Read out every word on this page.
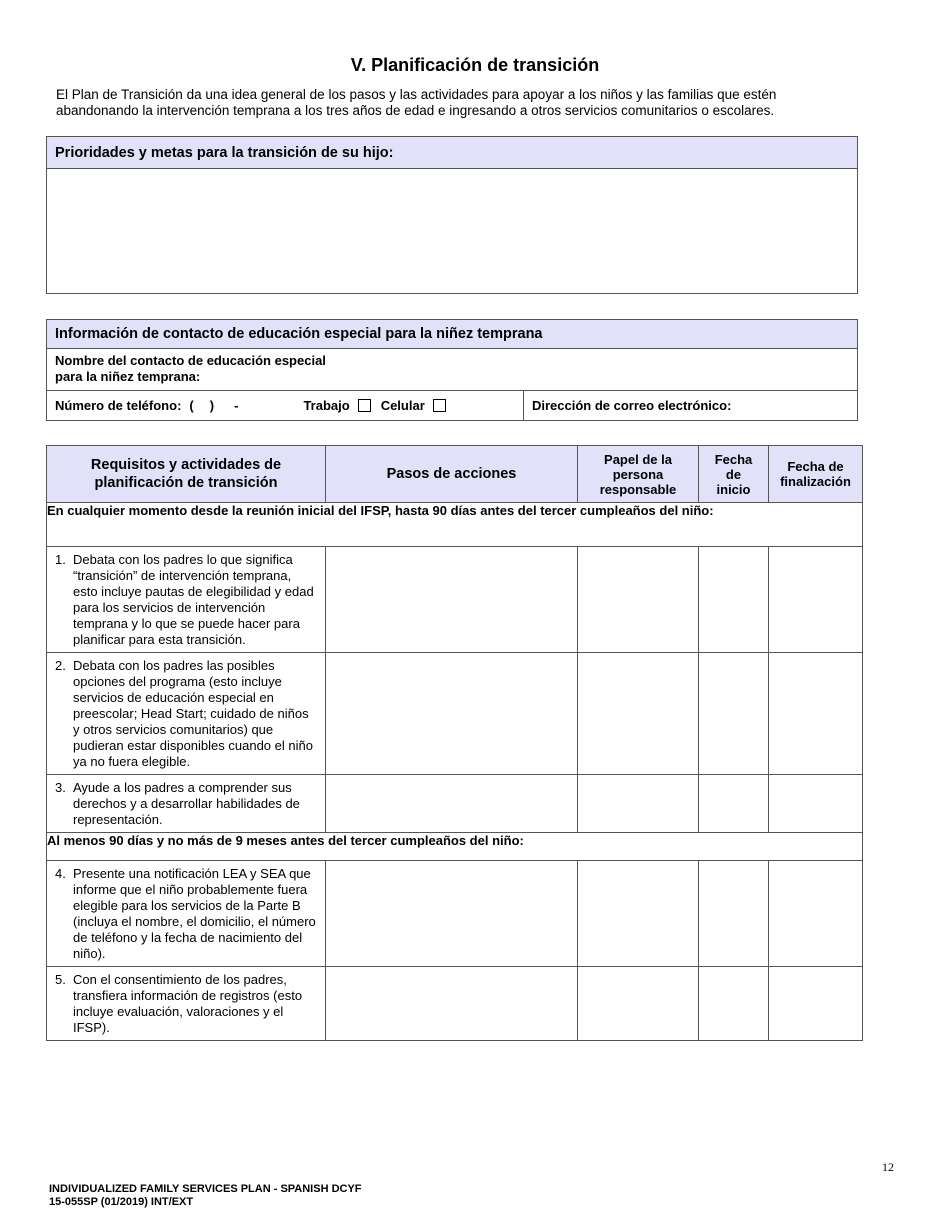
V. Planificación de transición

El Plan de Transición da una idea general de los pasos y las actividades para apoyar a los niños y las familias que estén abandonando la intervención temprana a los tres años de edad e ingresando a otros servicios comunitarios o escolares.

Prioridades y metas para la transición de su hijo:
Información de contacto de educación especial para la niñez temprana
Nombre del contacto de educación especial
para la niñez temprana:
Número de teléfono: ( ) -	Trabajo Celular	Dirección de correo electrónico:
Requisitos y actividades de planificación de transición	Pasos de acciones	Papel de la persona responsable	Fecha de inicio	Fecha de finalización

En cualquier momento desde la reunión inicial del IFSP, hasta 90 días antes del tercer cumpleaños del niño:				

1. Debata con los padres lo que significa “transición” de intervención temprana, esto incluye pautas de elegibilidad y edad para los servicios de intervención temprana y lo que se puede hacer para planificar para esta transición.				

2. Debata con los padres las posibles opciones del programa (esto incluye servicios de educación especial en preescolar; Head Start; cuidado de niños y otros servicios comunitarios) que pudieran estar disponibles cuando el niño ya no fuera elegible.				

3. Ayude a los padres a comprender sus derechos y a desarrollar habilidades de representación.				

Al menos 90 días y no más de 9 meses antes del tercer cumpleaños del niño:				

4. Presente una notificación LEA y SEA que informe que el niño probablemente fuera elegible para los servicios de la Parte B (incluya el nombre, el domicilio, el número de teléfono y la fecha de nacimiento del niño).				

5. Con el consentimiento de los padres, transfiera información de registros (esto incluye evaluación, valoraciones y el IFSP).				

12
INDIVIDUALIZED FAMILY SERVICES PLAN - SPANISH DCYF
15-055SP (01/2019) INT/EXT
